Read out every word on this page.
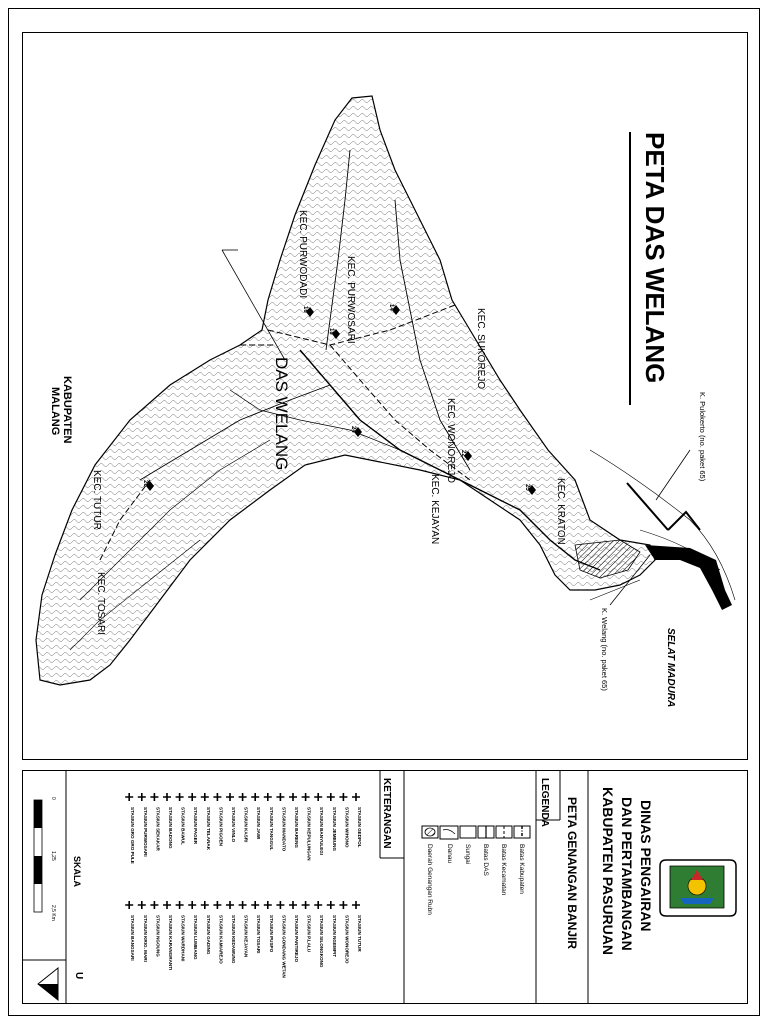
14
16
18
22
24
25
26
PETA DAS WELANG
DAS WELANG
SELAT MADURA
KABUPATEN
MALANG
KEC. PURWODADI
KEC. PURWOSARI
KEC. SUKOREJO
KEC. WONOREJO
KEC. KEJAYAN	KEC. KRATON
KEC. TUTUR
KEC. TOSARI
K. Pulokerto (no. paket 65)
K. Welang (no. paket 65)
DINAS PENGAIRAN
DAN PERTAMBANGAN
KABUPATEN PASURUAN
PETA GENANGAN BANJIR
LEGENDA
Batas Kabupaten
Batas Kecamatan
Batas DAS
Sungai
Danau
Daerah Genangan Rubn
KETERANGAN
STASIUN GEDPOL
STASIUN WIHONO
STASIUN JEMBUNG
STASIUN BANYULEGI
STASIUN KEPULUNGAN
STASIUN BARENG
STASIUN MANDATO
STASIUN TANGGUL
STASIUN JAWI
STASIUN KASRI
STASIUN VINLO
STASIUN PIGOEN
STASIUN TELANAK
STASIUN PAGER
STASIUN BAWUL
STASIUN BADONG
STASIUN SEKAKAR
STASIUN PURWOSARI
STASIUN GRO GRO PULE
STASIUN TUTUR
STASIUN WONOREJO
STASIUN NGEMPIT
STASIUN SILONGKONG
STASIUN P.LALU
STASIUN PANTIREJO
STASIUN GONDANG WETAN
STASIUN PUSPO
STASIUN TOSARI
STASIUN KEJAYAN
STASIUN KEDAWUNG
STASIUN KAMIAREJO
STASIUN GADING
STASIUN LUMBANG
STASIUN WARDHANI
STASIUN KARANGRANTI
STASIUN NGOUNG
STASIUN KRIG. MARI
STASIUN BANGSARI
SKALA
0
1,25
2,5 Km
U
